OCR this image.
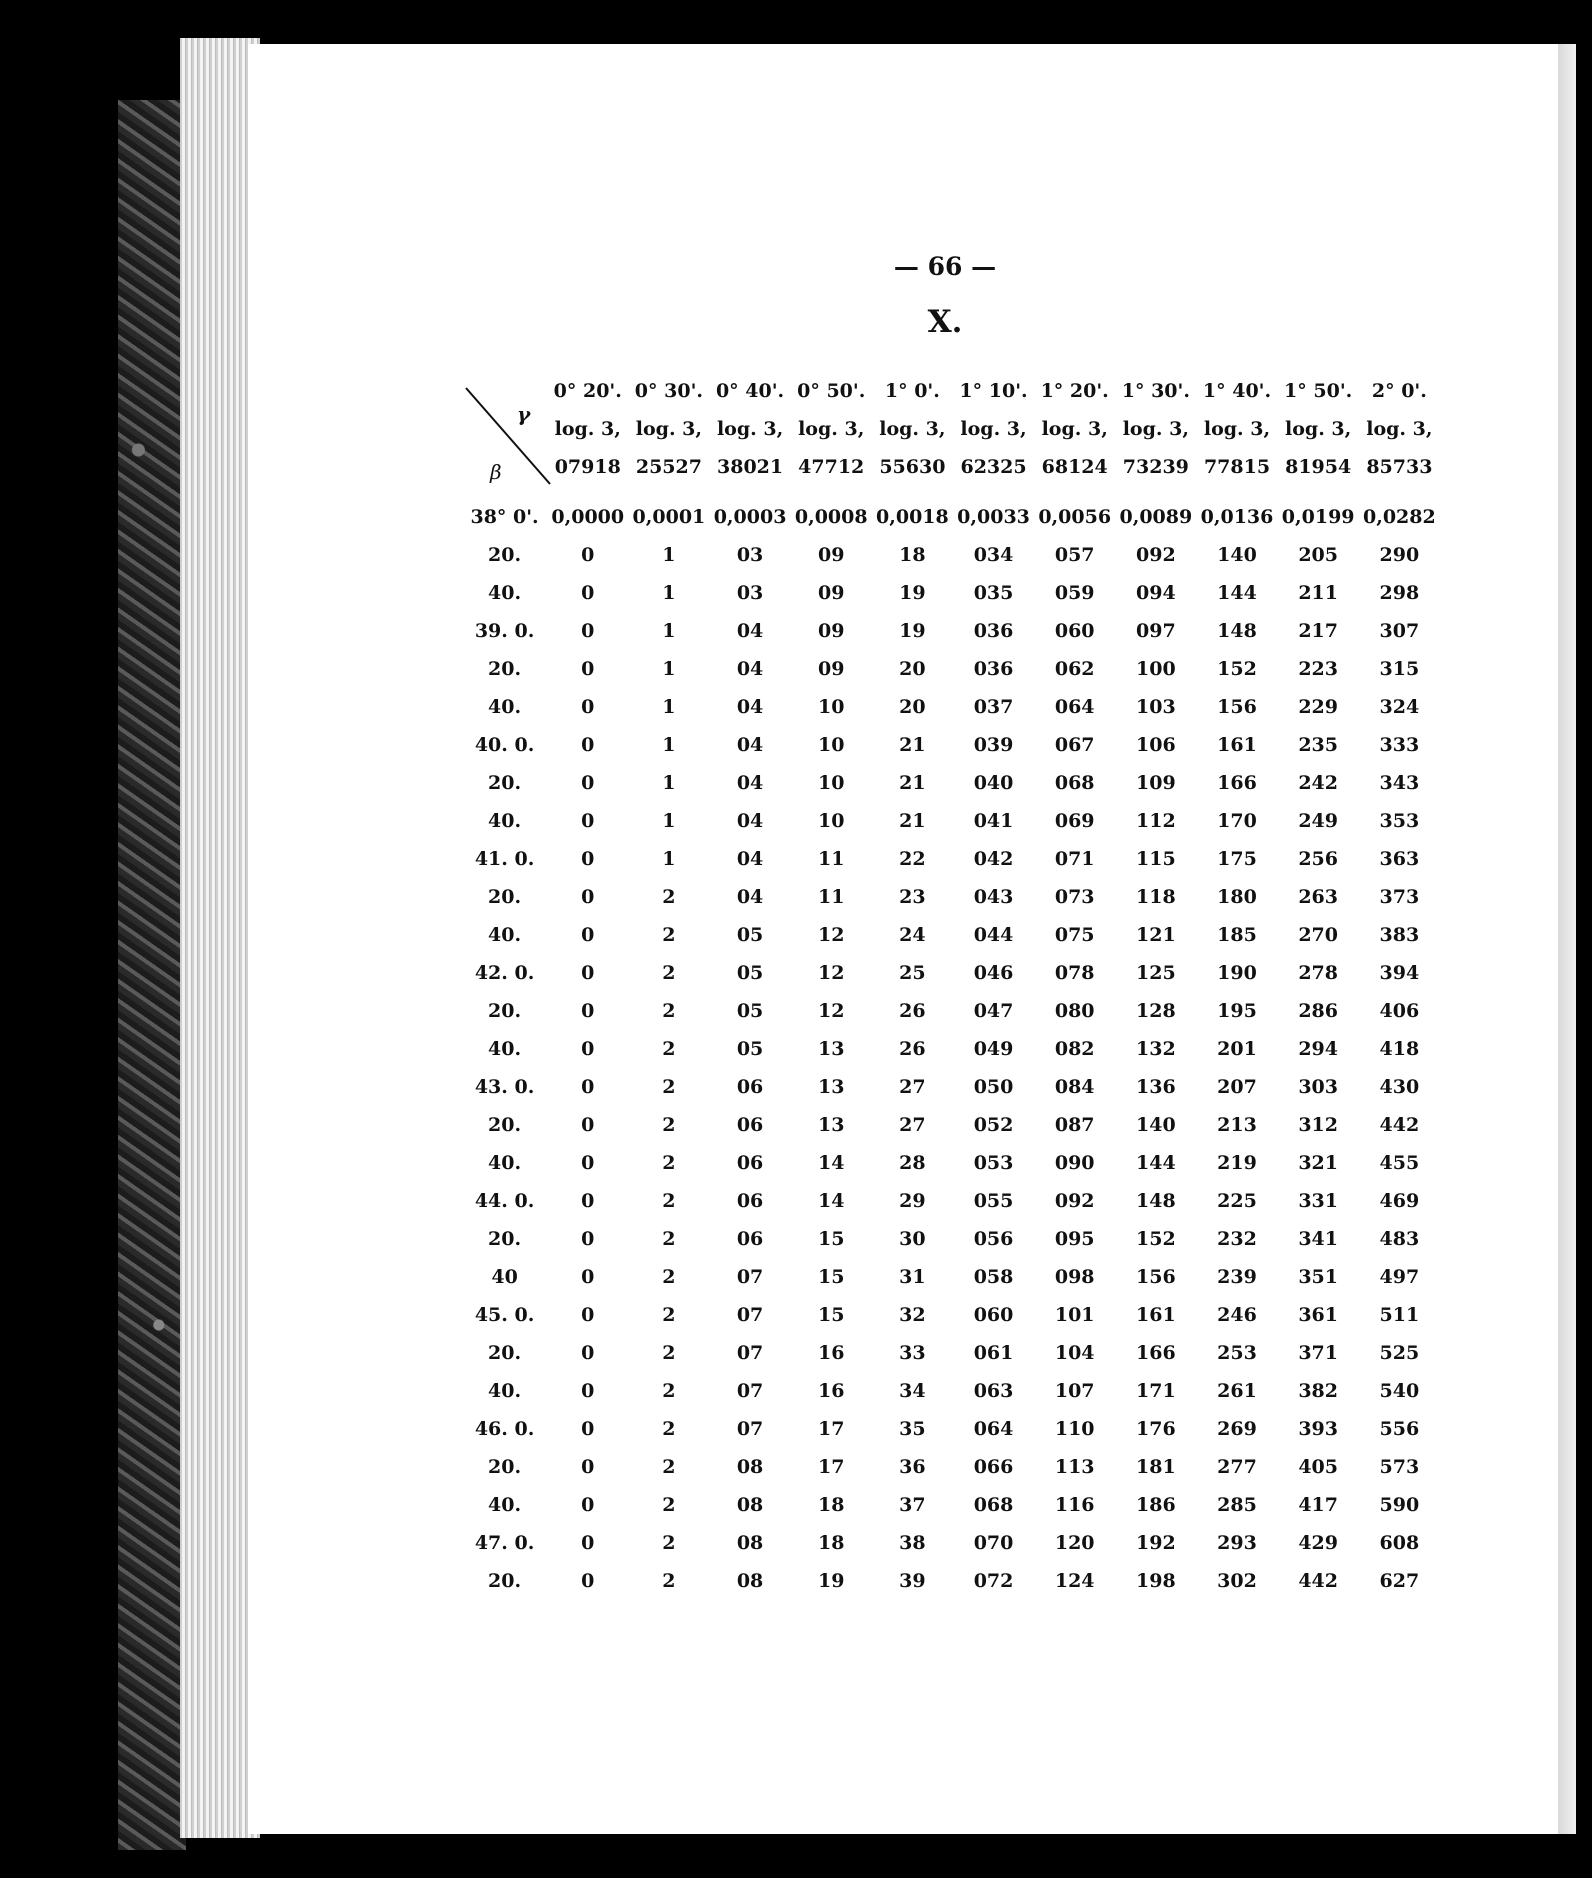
— 66 —
X.
γ
β
	0° 20'.	0° 30'.	0° 40'.	0° 50'.	1° 0'.	1° 10'.	1° 20'.	1° 30'.	1° 40'.	1° 50'.	2° 0'.
	log. 3,	log. 3,	log. 3,	log. 3,	log. 3,	log. 3,	log. 3,	log. 3,	log. 3,	log. 3,	log. 3,
	07918	25527	38021	47712	55630	62325	68124	73239	77815	81954	85733

38° 0'.	0,0000	0,0001	0,0003	0,0008	0,0018	0,0033	0,0056	0,0089	0,0136	0,0199	0,0282
20.	0	1	03	09	18	034	057	092	140	205	290
40.	0	1	03	09	19	035	059	094	144	211	298
39. 0.	0	1	04	09	19	036	060	097	148	217	307
20.	0	1	04	09	20	036	062	100	152	223	315
40.	0	1	04	10	20	037	064	103	156	229	324
40. 0.	0	1	04	10	21	039	067	106	161	235	333
20.	0	1	04	10	21	040	068	109	166	242	343
40.	0	1	04	10	21	041	069	112	170	249	353
41. 0.	0	1	04	11	22	042	071	115	175	256	363
20.	0	2	04	11	23	043	073	118	180	263	373
40.	0	2	05	12	24	044	075	121	185	270	383
42. 0.	0	2	05	12	25	046	078	125	190	278	394
20.	0	2	05	12	26	047	080	128	195	286	406
40.	0	2	05	13	26	049	082	132	201	294	418
43. 0.	0	2	06	13	27	050	084	136	207	303	430
20.	0	2	06	13	27	052	087	140	213	312	442
40.	0	2	06	14	28	053	090	144	219	321	455
44. 0.	0	2	06	14	29	055	092	148	225	331	469
20.	0	2	06	15	30	056	095	152	232	341	483
40	0	2	07	15	31	058	098	156	239	351	497
45. 0.	0	2	07	15	32	060	101	161	246	361	511
20.	0	2	07	16	33	061	104	166	253	371	525
40.	0	2	07	16	34	063	107	171	261	382	540
46. 0.	0	2	07	17	35	064	110	176	269	393	556
20.	0	2	08	17	36	066	113	181	277	405	573
40.	0	2	08	18	37	068	116	186	285	417	590
47. 0.	0	2	08	18	38	070	120	192	293	429	608
20.	0	2	08	19	39	072	124	198	302	442	627
